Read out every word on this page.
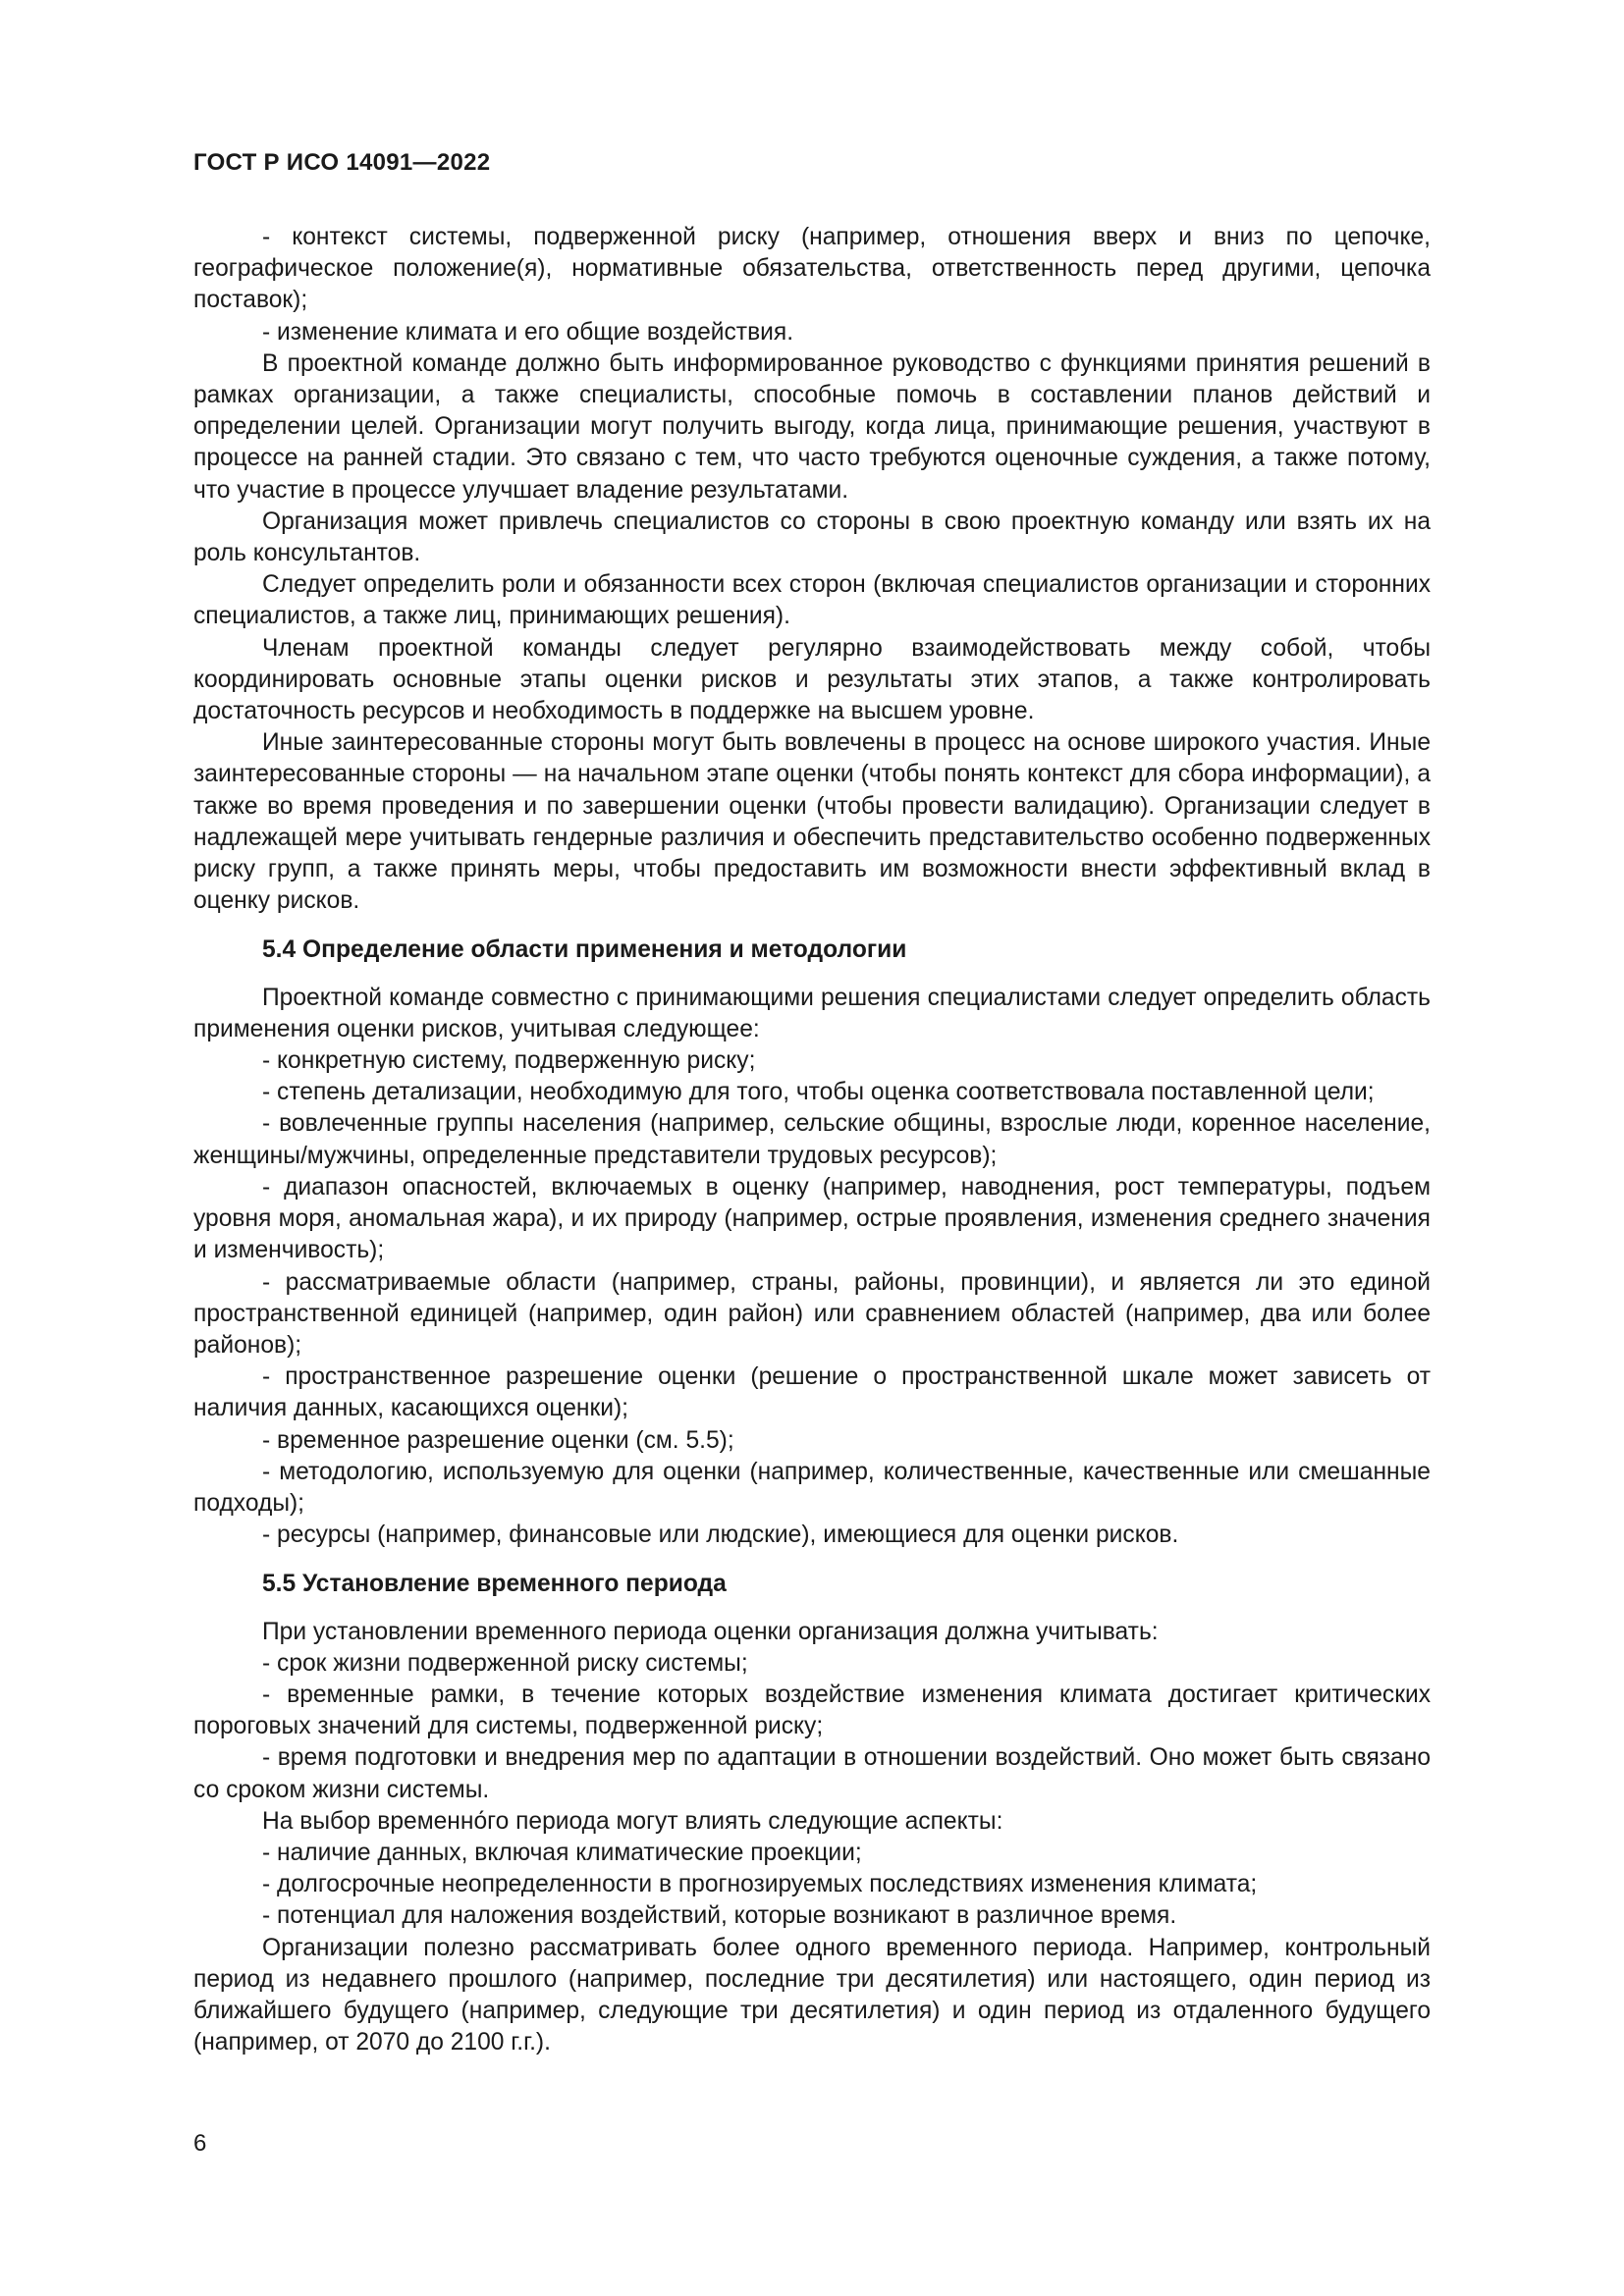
ГОСТ Р ИСО 14091—2022

- контекст системы, подверженной риску (например, отношения вверх и вниз по цепочке, географическое положение(я), нормативные обязательства, ответственность перед другими, цепочка поставок);

- изменение климата и его общие воздействия.

В проектной команде должно быть информированное руководство с функциями принятия решений в рамках организации, а также специалисты, способные помочь в составлении планов действий и определении целей. Организации могут получить выгоду, когда лица, принимающие решения, участвуют в процессе на ранней стадии. Это связано с тем, что часто требуются оценочные суждения, а также потому, что участие в процессе улучшает владение результатами.

Организация может привлечь специалистов со стороны в свою проектную команду или взять их на роль консультантов.

Следует определить роли и обязанности всех сторон (включая специалистов организации и сторонних специалистов, а также лиц, принимающих решения).

Членам проектной команды следует регулярно взаимодействовать между собой, чтобы координировать основные этапы оценки рисков и результаты этих этапов, а также контролировать достаточность ресурсов и необходимость в поддержке на высшем уровне.

Иные заинтересованные стороны могут быть вовлечены в процесс на основе широкого участия. Иные заинтересованные стороны — на начальном этапе оценки (чтобы понять контекст для сбора информации), а также во время проведения и по завершении оценки (чтобы провести валидацию). Организации следует в надлежащей мере учитывать гендерные различия и обеспечить представительство особенно подверженных риску групп, а также принять меры, чтобы предоставить им возможности внести эффективный вклад в оценку рисков.

5.4 Определение области применения и методологии

Проектной команде совместно с принимающими решения специалистами следует определить область применения оценки рисков, учитывая следующее:

- конкретную систему, подверженную риску;

- степень детализации, необходимую для того, чтобы оценка соответствовала поставленной цели;

- вовлеченные группы населения (например, сельские общины, взрослые люди, коренное население, женщины/мужчины, определенные представители трудовых ресурсов);

- диапазон опасностей, включаемых в оценку (например, наводнения, рост температуры, подъем уровня моря, аномальная жара), и их природу (например, острые проявления, изменения среднего значения и изменчивость);

- рассматриваемые области (например, страны, районы, провинции), и является ли это единой пространственной единицей (например, один район) или сравнением областей (например, два или более районов);

- пространственное разрешение оценки (решение о пространственной шкале может зависеть от наличия данных, касающихся оценки);

- временное разрешение оценки (см. 5.5);

- методологию, используемую для оценки (например, количественные, качественные или смешанные подходы);

- ресурсы (например, финансовые или людские), имеющиеся для оценки рисков.

5.5 Установление временного периода

При установлении временного периода оценки организация должна учитывать:

- срок жизни подверженной риску системы;

- временные рамки, в течение которых воздействие изменения климата достигает критических пороговых значений для системы, подверженной риску;

- время подготовки и внедрения мер по адаптации в отношении воздействий. Оно может быть связано со сроком жизни системы.

На выбор временно́го периода могут влиять следующие аспекты:

- наличие данных, включая климатические проекции;

- долгосрочные неопределенности в прогнозируемых последствиях изменения климата;

- потенциал для наложения воздействий, которые возникают в различное время.

Организации полезно рассматривать более одного временного периода. Например, контрольный период из недавнего прошлого (например, последние три десятилетия) или настоящего, один период из ближайшего будущего (например, следующие три десятилетия) и один период из отдаленного будущего (например, от 2070 до 2100 г.г.).

6
